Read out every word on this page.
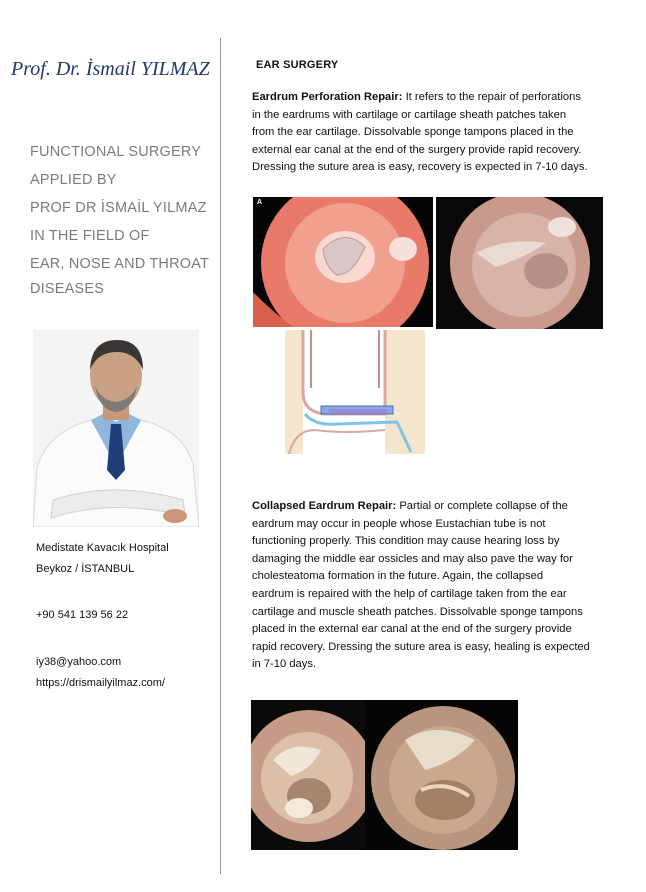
Prof. Dr. İsmail YILMAZ
FUNCTIONAL SURGERY
APPLIED BY
PROF DR İSMAİL YILMAZ
IN THE FIELD OF
EAR, NOSE AND THROAT
DISEASES
Medistate Kavacık Hospital
Beykoz / İSTANBUL
+90 541 139 56 22
iy38@yahoo.com
https://drismailyilmaz.com/
EAR SURGERY
Eardrum Perforation Repair: It refers to the repair of perforations
in the eardrums with cartilage or cartilage sheath patches taken
from the ear cartilage. Dissolvable sponge tampons placed in the
external ear canal at the end of the surgery provide rapid recovery.
Dressing the suture area is easy, recovery is expected in 7-10 days.
A
Collapsed Eardrum Repair: Partial or complete collapse of the
eardrum may occur in people whose Eustachian tube is not
functioning properly. This condition may cause hearing loss by
damaging the middle ear ossicles and may also pave the way for
cholesteatoma formation in the future. Again, the collapsed
eardrum is repaired with the help of cartilage taken from the ear
cartilage and muscle sheath patches. Dissolvable sponge tampons
placed in the external ear canal at the end of the surgery provide
rapid recovery. Dressing the suture area is easy, healing is expected
in 7-10 days.
